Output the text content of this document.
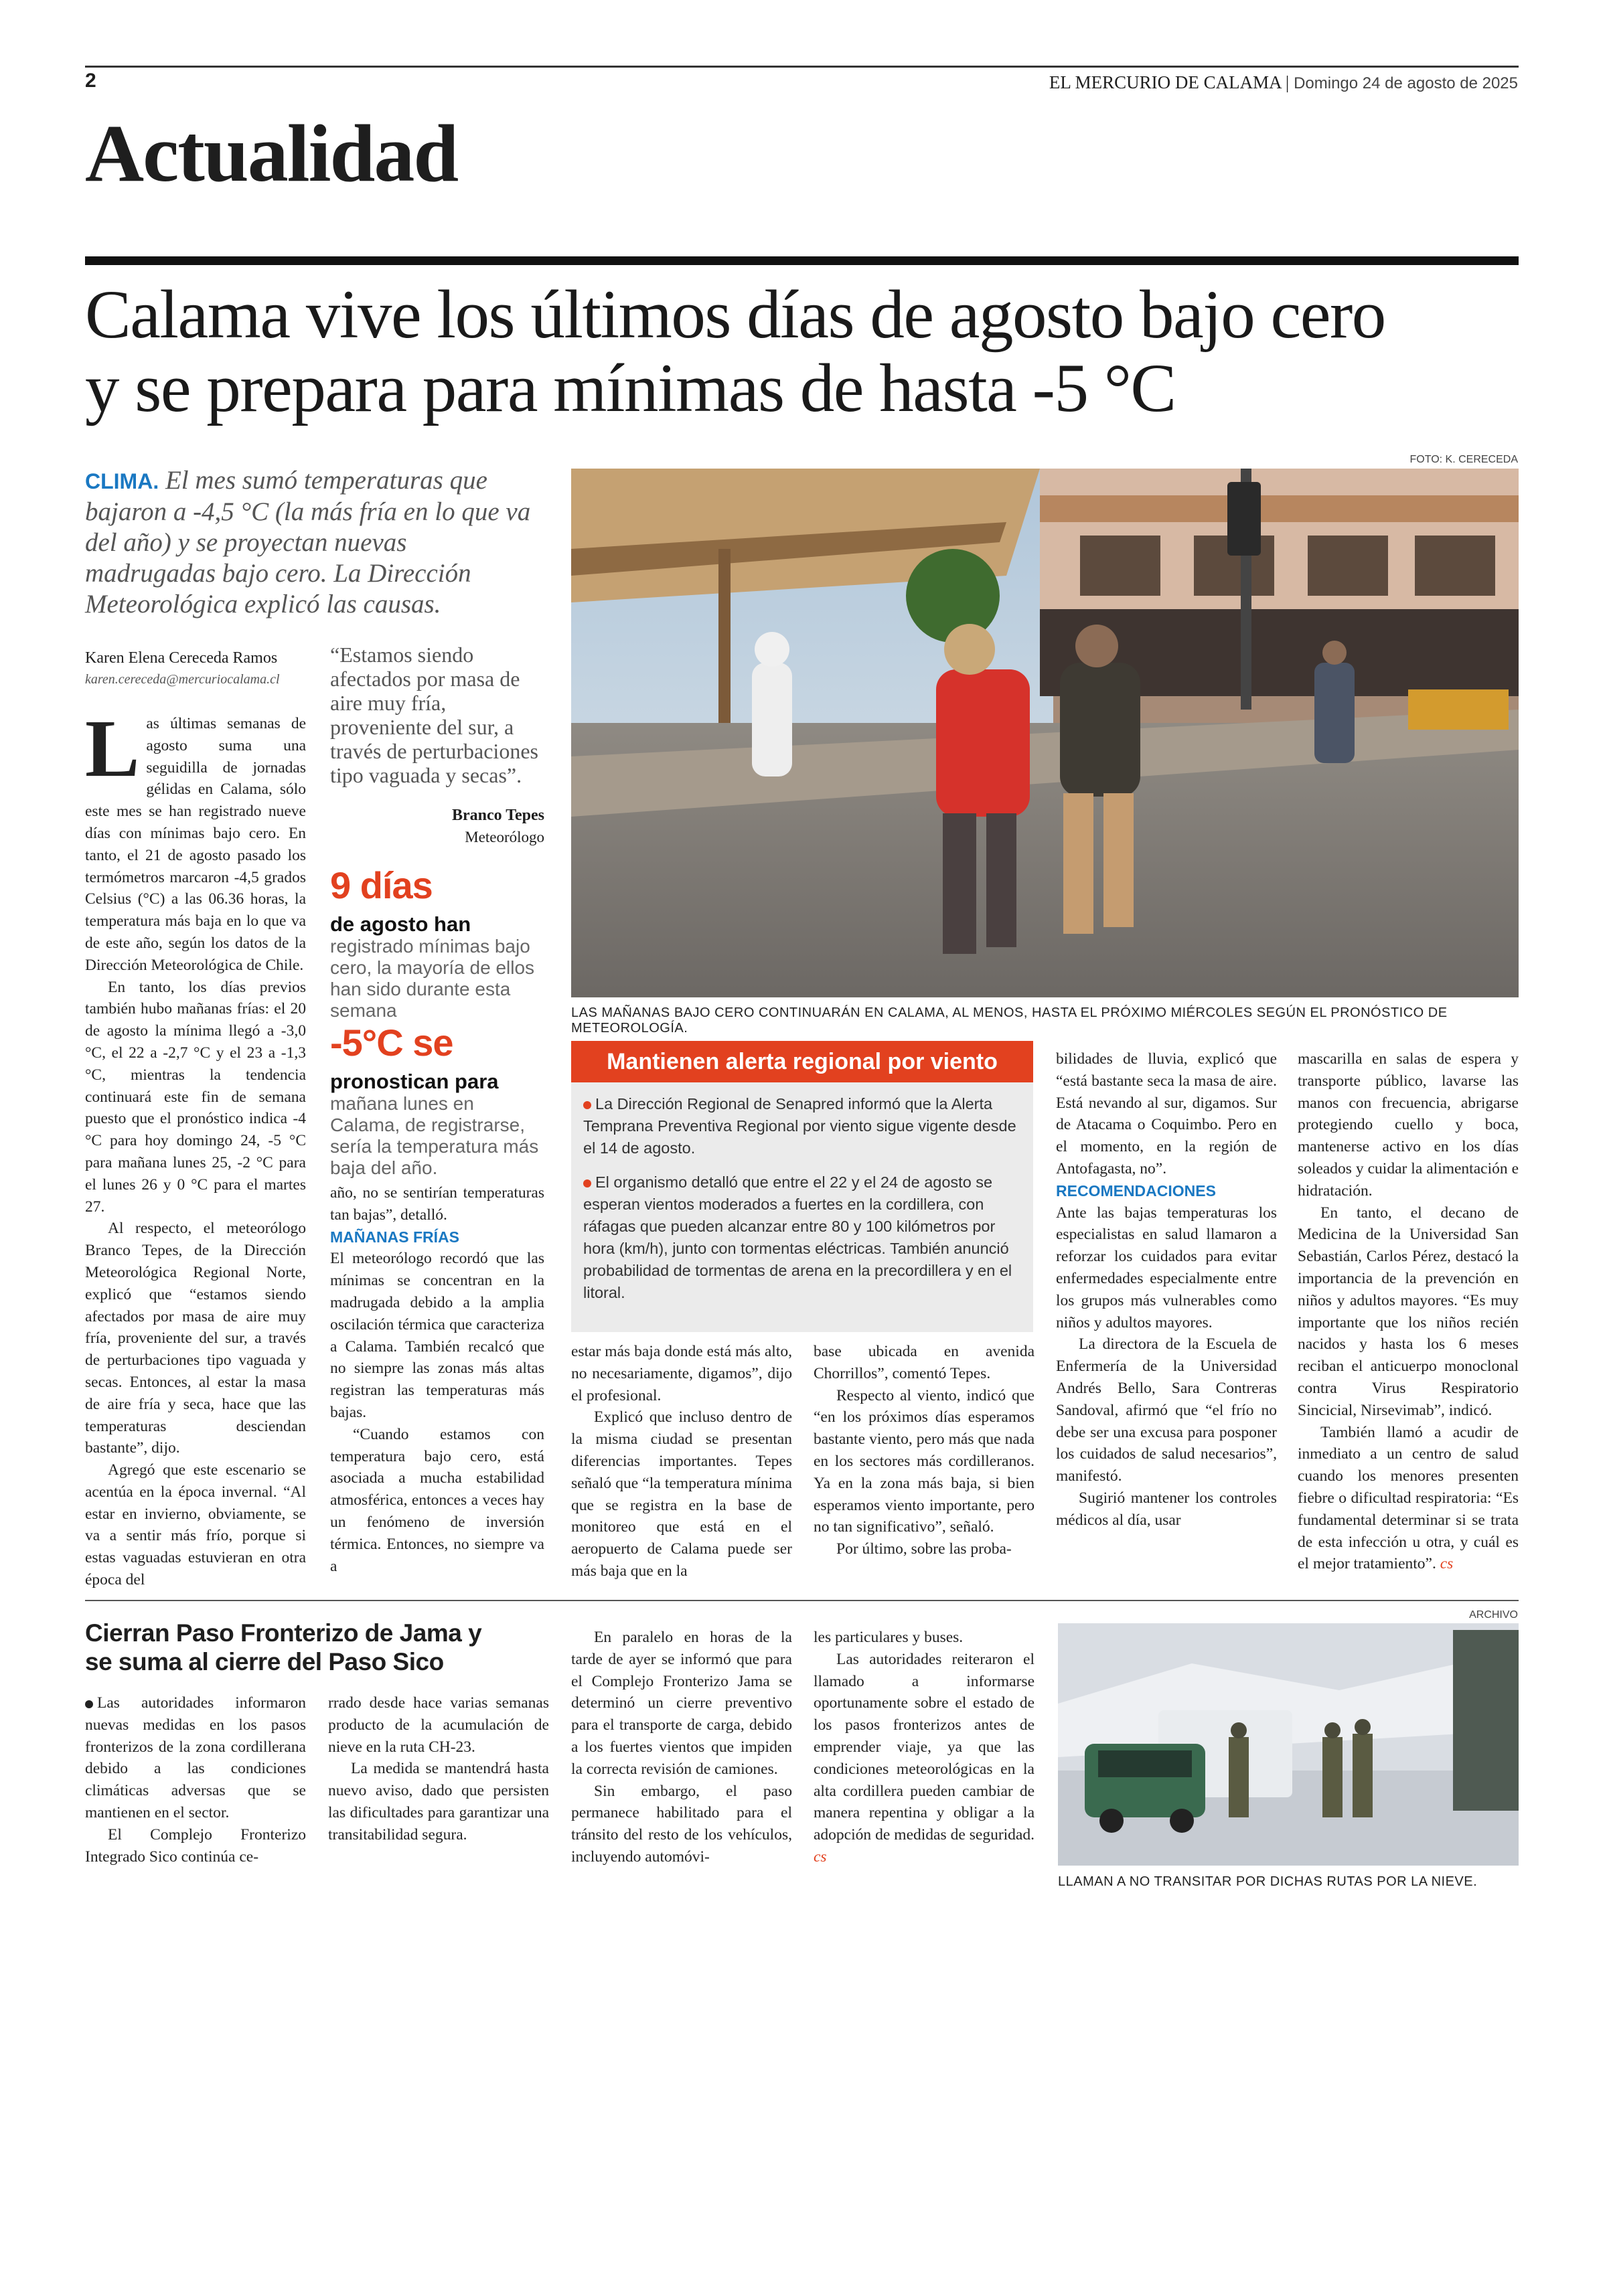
2	EL MERCURIO DE CALAMA | Domingo 24 de agosto de 2025
Actualidad
Calama vive los últimos días de agosto bajo cero
y se prepara para mínimas de hasta -5 °C
CLIMA. El mes sumó temperaturas que bajaron a -4,5 °C (la más fría en lo que va del año) y se proyectan nuevas madrugadas bajo cero. La Dirección Meteorológica explicó las causas.
Karen Elena Cereceda Ramos
karen.cereceda@mercuriocalama.cl

Las últimas semanas de agosto suma una seguidilla de jornadas gélidas en Calama, sólo este mes se han registrado nueve días con mínimas bajo cero. En tanto, el 21 de agosto pasado los termómetros marcaron -4,5 grados Celsius (°C) a las 06.36 horas, la temperatura más baja en lo que va de este año, según los datos de la Dirección Meteorológica de Chile.

En tanto, los días previos también hubo mañanas frías: el 20 de agosto la mínima llegó a -3,0 °C, el 22 a -2,7 °C y el 23 a -1,3 °C, mientras la tendencia continuará este fin de semana puesto que el pronóstico indica -4 °C para hoy domingo 24, -5 °C para mañana lunes 25, -2 °C para el lunes 26 y 0 °C para el martes 27.

Al respecto, el meteorólogo Branco Tepes, de la Dirección Meteorológica Regional Norte, explicó que “estamos siendo afectados por masa de aire muy fría, proveniente del sur, a través de perturbaciones tipo vaguada y secas. Entonces, al estar la masa de aire fría y seca, hace que las temperaturas desciendan bastante”, dijo.

Agregó que este escenario se acentúa en la época invernal. “Al estar en invierno, obviamente, se va a sentir más frío, porque si estas vaguadas estuvieran en otra época del

“Estamos siendo afectados por masa de aire muy fría, proveniente del sur, a través de perturbaciones tipo vaguada y secas”.
Branco Tepes
Meteorólogo
9 días
de agosto han registrado mínimas bajo cero, la mayoría de ellos han sido durante esta semana
-5°C se
pronostican para mañana lunes en Calama, de registrarse, sería la temperatura más baja del año.

año, no se sentirían temperaturas tan bajas”, detalló.

MAÑANAS FRÍAS

El meteorólogo recordó que las mínimas se concentran en la madrugada debido a la amplia oscilación térmica que caracteriza a Calama. También recalcó que no siempre las zonas más altas registran las temperaturas más bajas.

“Cuando estamos con temperatura bajo cero, está asociada a mucha estabilidad atmosférica, entonces a veces hay un fenómeno de inversión térmica. Entonces, no siempre va a

FOTO: K. CERECEDA
LAS MAÑANAS BAJO CERO CONTINUARÁN EN CALAMA, AL MENOS, HASTA EL PRÓXIMO MIÉRCOLES SEGÚN EL PRONÓSTICO DE METEOROLOGÍA.
Mantienen alerta regional por viento

La Dirección Regional de Senapred informó que la Alerta Temprana Preventiva Regional por viento sigue vigente desde el 14 de agosto.

El organismo detalló que entre el 22 y el 24 de agosto se esperan vientos moderados a fuertes en la cordillera, con ráfagas que pueden alcanzar entre 80 y 100 kilómetros por hora (km/h), junto con tormentas eléctricas. También anunció probabilidad de tormentas de arena en la precordillera y en el litoral.

estar más baja donde está más alto, no necesariamente, digamos”, dijo el profesional.

Explicó que incluso dentro de la misma ciudad se presentan diferencias importantes. Tepes señaló que “la temperatura mínima que se registra en la base de monitoreo que está en el aeropuerto de Calama puede ser más baja que en la

base ubicada en avenida Chorrillos”, comentó Tepes.

Respecto al viento, indicó que “en los próximos días esperamos bastante viento, pero más que nada en los sectores más cordilleranos. Ya en la zona más baja, si bien esperamos viento importante, pero no tan significativo”, señaló.

Por último, sobre las proba-

bilidades de lluvia, explicó que “está bastante seca la masa de aire. Está nevando al sur, digamos. Sur de Atacama o Coquimbo. Pero en el momento, en la región de Antofagasta, no”.

RECOMENDACIONES

Ante las bajas temperaturas los especialistas en salud llamaron a reforzar los cuidados para evitar enfermedades especialmente entre los grupos más vulnerables como niños y adultos mayores.

La directora de la Escuela de Enfermería de la Universidad Andrés Bello, Sara Contreras Sandoval, afirmó que “el frío no debe ser una excusa para posponer los cuidados de salud necesarios”, manifestó.

Sugirió mantener los controles médicos al día, usar

mascarilla en salas de espera y transporte público, lavarse las manos con frecuencia, abrigarse protegiendo cuello y boca, mantenerse activo en los días soleados y cuidar la alimentación e hidratación.

En tanto, el decano de Medicina de la Universidad San Sebastián, Carlos Pérez, destacó la importancia de la prevención en niños y adultos mayores. “Es muy importante que los niños recién nacidos y hasta los 6 meses reciban el anticuerpo monoclonal contra Virus Respiratorio Sincicial, Nirsevimab”, indicó.

También llamó a acudir de inmediato a un centro de salud cuando los menores presenten fiebre o dificultad respiratoria: “Es fundamental determinar si se trata de esta infección u otra, y cuál es el mejor tratamiento”. cs

Cierran Paso Fronterizo de Jama y se suma al cierre del Paso Sico

Las autoridades informaron nuevas medidas en los pasos fronterizos de la zona cordillerana debido a las condiciones climáticas adversas que se mantienen en el sector.

El Complejo Fronterizo Integrado Sico continúa ce-

rrado desde hace varias semanas producto de la acumulación de nieve en la ruta CH-23.

La medida se mantendrá hasta nuevo aviso, dado que persisten las dificultades para garantizar una transitabilidad segura.

En paralelo en horas de la tarde de ayer se informó que para el Complejo Fronterizo Jama se determinó un cierre preventivo para el transporte de carga, debido a los fuertes vientos que impiden la correcta revisión de camiones.

Sin embargo, el paso permanece habilitado para el tránsito del resto de los vehículos, incluyendo automóvi-

les particulares y buses.

Las autoridades reiteraron el llamado a informarse oportunamente sobre el estado de los pasos fronterizos antes de emprender viaje, ya que las condiciones meteorológicas en la alta cordillera pueden cambiar de manera repentina y obligar a la adopción de medidas de seguridad. cs

ARCHIVO
LLAMAN A NO TRANSITAR POR DICHAS RUTAS POR LA NIEVE.
